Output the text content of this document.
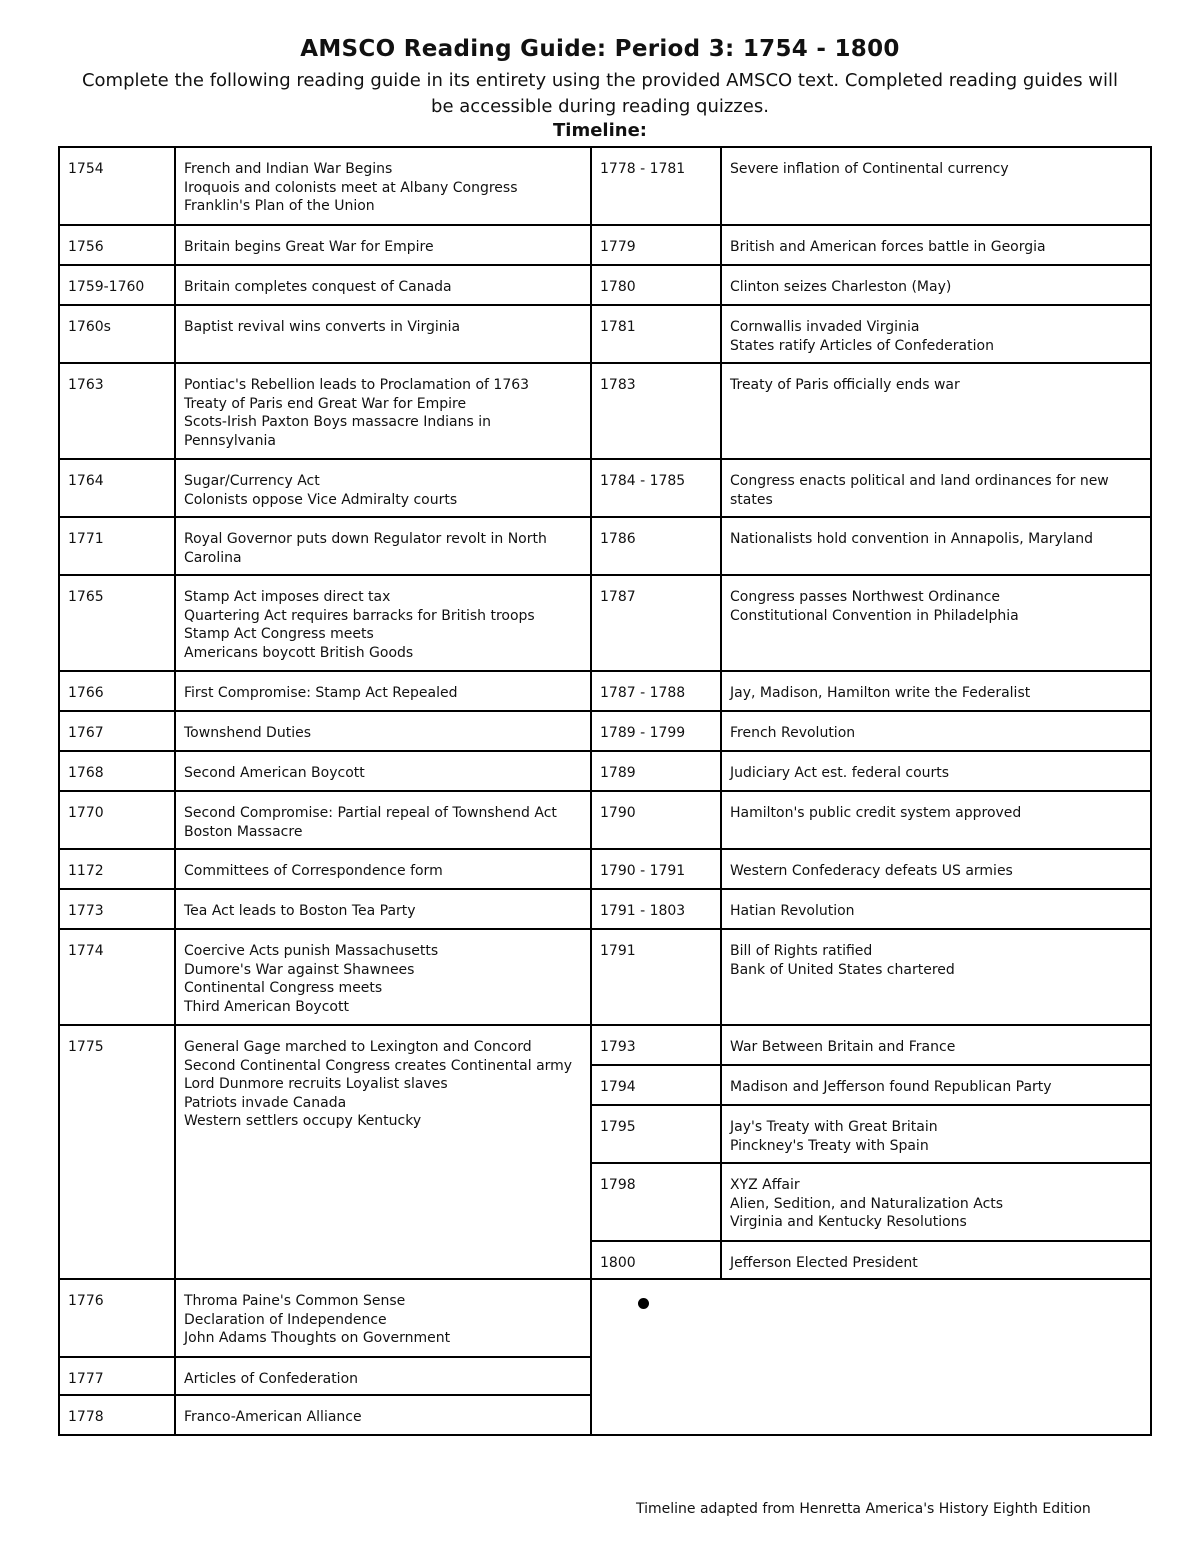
AMSCO Reading Guide: Period 3: 1754 - 1800
Complete the following reading guide in its entirety using the provided AMSCO text. Completed reading guides will be accessible during reading quizzes.
Timeline:
1754	French and Indian War Begins
Iroquois and colonists meet at Albany Congress
Franklin's Plan of the Union
1756	Britain begins Great War for Empire
1759-1760	Britain completes conquest of Canada
1760s	Baptist revival wins converts in Virginia
1763	Pontiac's Rebellion leads to Proclamation of 1763
Treaty of Paris end Great War for Empire
Scots-Irish Paxton Boys massacre Indians in Pennsylvania
1764	Sugar/Currency Act
Colonists oppose Vice Admiralty courts
1771	Royal Governor puts down Regulator revolt in North Carolina
1765	Stamp Act imposes direct tax
Quartering Act requires barracks for British troops
Stamp Act Congress meets
Americans boycott British Goods
1766	First Compromise: Stamp Act Repealed
1767	Townshend Duties
1768	Second American Boycott
1770	Second Compromise: Partial repeal of Townshend Act
Boston Massacre
1172	Committees of Correspondence form
1773	Tea Act leads to Boston Tea Party
1774	Coercive Acts punish Massachusetts
Dumore's War against Shawnees
Continental Congress meets
Third American Boycott
1775	General Gage marched to Lexington and Concord
Second Continental Congress creates Continental army
Lord Dunmore recruits Loyalist slaves
Patriots invade Canada
Western settlers occupy Kentucky
1776	Throma Paine's Common Sense
Declaration of Independence
John Adams Thoughts on Government
1777	Articles of Confederation
1778	Franco-American Alliance
1778 - 1781	Severe inflation of Continental currency
1779	British and American forces battle in Georgia
1780	Clinton seizes Charleston (May)
1781	Cornwallis invaded Virginia
States ratify Articles of Confederation
1783	Treaty of Paris officially ends war
1784 - 1785	Congress enacts political and land ordinances for new states
1786	Nationalists hold convention in Annapolis, Maryland
1787	Congress passes Northwest Ordinance
Constitutional Convention in Philadelphia
1787 - 1788	Jay, Madison, Hamilton write the Federalist
1789 - 1799	French Revolution
1789	Judiciary Act est. federal courts
1790	Hamilton's public credit system approved
1790 - 1791	Western Confederacy defeats US armies
1791 - 1803	Hatian Revolution
1791	Bill of Rights ratified
Bank of United States chartered
1793	War Between Britain and France
1794	Madison and Jefferson found Republican Party
1795	Jay's Treaty with Great Britain
Pinckney's Treaty with Spain
1798	XYZ Affair
Alien, Sedition, and Naturalization Acts
Virginia and Kentucky Resolutions
1800	Jefferson Elected President
Timeline adapted from Henretta America's History Eighth Edition
